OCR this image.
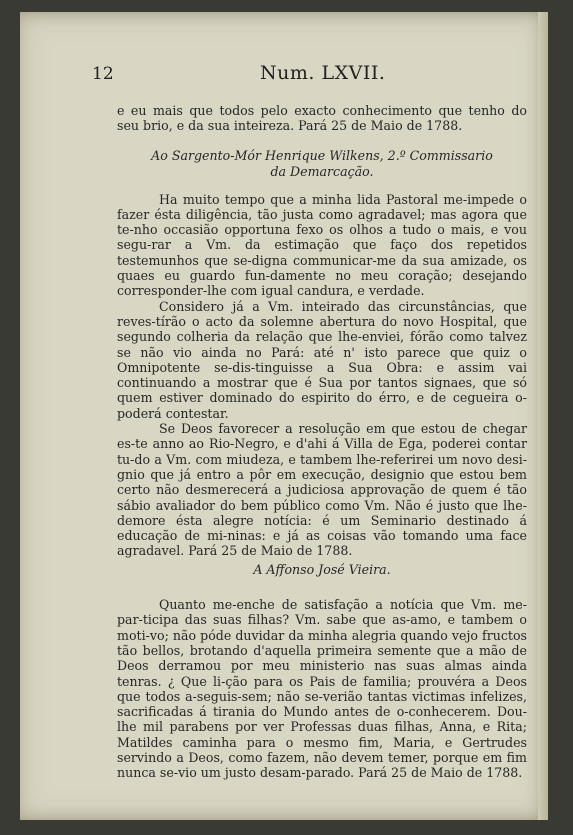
12	Num. LXVII.

e eu mais que todos pelo exacto conhecimento que tenho do seu brio, e da sua inteireza. Pará 25 de Maio de 1788.

Ao Sargento-Mór Henrique Wilkens, 2.º Commissario
da Demarcação.

Ha muito tempo que a minha lida Pastoral me-impede o fazer ésta diligência, tão justa como agradavel; mas agora que te-nho occasião opportuna fexo os olhos a tudo o mais, e vou segu-rar a Vm. da estimação que faço dos repetidos testemunhos que se-digna communicar-me da sua amizade, os quaes eu guardo fun-damente no meu coração; desejando corresponder-lhe com igual candura, e verdade.

Considero já a Vm. inteirado das circunstâncias, que reves-tírão o acto da solemne abertura do novo Hospital, que segundo colheria da relação que lhe-enviei, fórão como talvez se não vio ainda no Pará: até n' isto parece que quiz o Omnipotente se-dis-tinguisse a Sua Obra: e assim vai continuando a mostrar que é Sua por tantos signaes, que só quem estiver dominado do espirito do érro, e de cegueira o-poderá contestar.

Se Deos favorecer a resolução em que estou de chegar es-te anno ao Rio-Negro, e d'ahi á Villa de Ega, poderei contar tu-do a Vm. com miudeza, e tambem lhe-referirei um novo desi-gnio que já entro a pôr em execução, designio que estou bem certo não desmerecerá a judiciosa approvação de quem é tão sábio avaliador do bem público como Vm. Não é justo que lhe-demore ésta alegre notícia: é um Seminario destinado á educação de mi-ninas: e já as coisas vão tomando uma face agradavel. Pará 25 de Maio de 1788.

A Affonso José Vieira.

Quanto me-enche de satisfação a notícia que Vm. me-par-ticipa das suas filhas? Vm. sabe que as-amo, e tambem o moti-vo; não póde duvidar da minha alegria quando vejo fructos tão bellos, brotando d'aquella primeira semente que a mão de Deos derramou por meu ministerio nas suas almas ainda tenras. ¿ Que li-ção para os Pais de familia; prouvéra a Deos que todos a-seguis-sem; não se-verião tantas victimas infelizes, sacrificadas á tirania do Mundo antes de o-conhecerem. Dou-lhe mil parabens por ver Professas duas filhas, Anna, e Rita; Matildes caminha para o mesmo fim, Maria, e Gertrudes servindo a Deos, como fazem, não devem temer, porque em fim nunca se-vio um justo desam-parado. Pará 25 de Maio de 1788.
